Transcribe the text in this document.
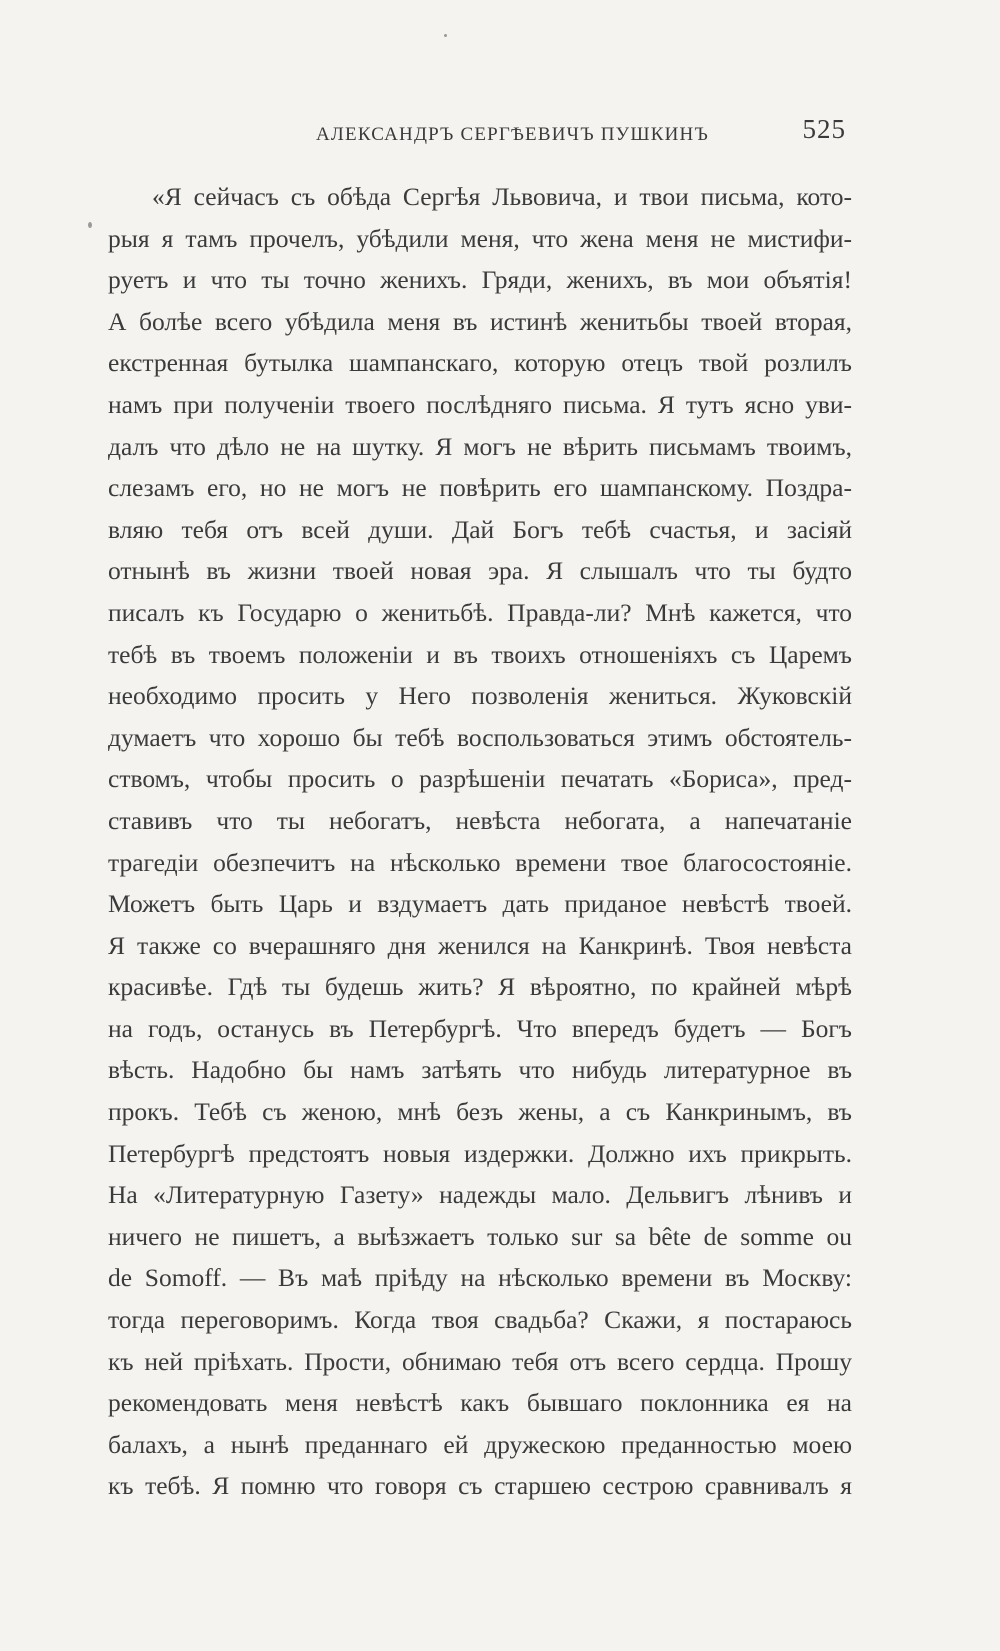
АЛЕКСАНДРЪ СЕРГѢЕВИЧЪ ПУШКИНЪ	525
«Я сейчасъ съ обѣда Сергѣя Львовича, и твои письма, кото-
рыя я тамъ прочелъ, убѣдили меня, что жена меня не мистифи-
руетъ и что ты точно женихъ. Гряди, женихъ, въ мои объятія!
А болѣе всего убѣдила меня въ истинѣ женитьбы твоей вторая,
екстренная бутылка шампанскаго, которую отецъ твой розлилъ
намъ при полученіи твоего послѣдняго письма. Я тутъ ясно уви-
далъ что дѣло не на шутку. Я могъ не вѣрить письмамъ твоимъ,
слезамъ его, но не могъ не повѣрить его шампанскому. Поздра-
вляю тебя отъ всей души. Дай Богъ тебѣ счастья, и засіяй
отнынѣ въ жизни твоей новая эра. Я слышалъ что ты будто
писалъ къ Государю о женитьбѣ. Правда-ли? Мнѣ кажется, что
тебѣ въ твоемъ положеніи и въ твоихъ отношеніяхъ съ Царемъ
необходимо просить у Него позволенія жениться. Жуковскій
думаетъ что хорошо бы тебѣ воспользоваться этимъ обстоятель-
ствомъ, чтобы просить о разрѣшеніи печатать «Бориса», пред-
ставивъ что ты небогатъ, невѣста небогата, а напечатаніе
трагедіи обезпечитъ на нѣсколько времени твое благосостояніе.
Можетъ быть Царь и вздумаетъ дать приданое невѣстѣ твоей.
Я также со вчерашняго дня женился на Канкринѣ. Твоя невѣста
красивѣе. Гдѣ ты будешь жить? Я вѣроятно, по крайней мѣрѣ
на годъ, останусь въ Петербургѣ. Что впередъ будетъ — Богъ
вѣсть. Надобно бы намъ затѣять что нибудь литературное въ
прокъ. Тебѣ съ женою, мнѣ безъ жены, а съ Канкринымъ, въ
Петербургѣ предстоятъ новыя издержки. Должно ихъ прикрыть.
На «Литературную Газету» надежды мало. Дельвигъ лѣнивъ и
ничего не пишетъ, а выѣзжаетъ только sur sa bête de somme ou
de Somoff. — Въ маѣ пріѣду на нѣсколько времени въ Москву:
тогда переговоримъ. Когда твоя свадьба? Скажи, я постараюсь
къ ней пріѣхать. Прости, обнимаю тебя отъ всего сердца. Прошу
рекомендовать меня невѣстѣ какъ бывшаго поклонника ея на
балахъ, а нынѣ преданнаго ей дружескою преданностью моею
къ тебѣ. Я помню что говоря съ старшею сестрою сравнивалъ я
